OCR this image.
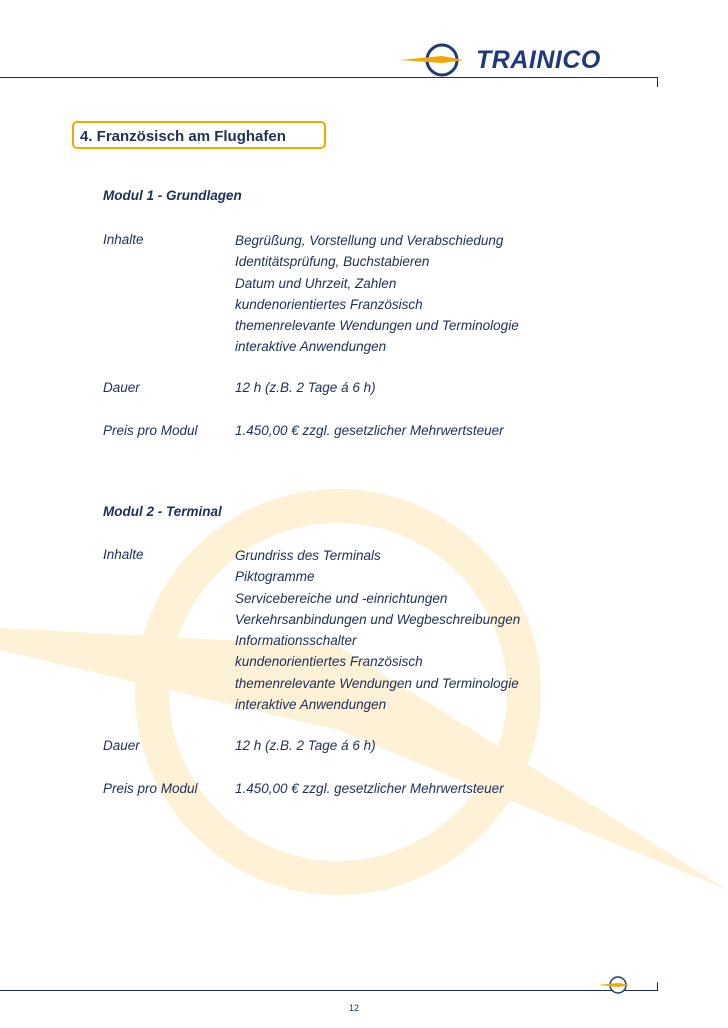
TRAINICO
4. Französisch am Flughafen
Modul 1 - Grundlagen
Inhalte	Begrüßung, Vorstellung und Verabschiedung
Identitätsprüfung, Buchstabieren
Datum und Uhrzeit, Zahlen
kundenorientiertes Französisch
themenrelevante Wendungen und Terminologie
interaktive Anwendungen
Dauer	12 h (z.B. 2 Tage á 6 h)
Preis pro Modul	1.450,00 € zzgl. gesetzlicher Mehrwertsteuer
Modul 2 - Terminal
Inhalte	Grundriss des Terminals
Piktogramme
Servicebereiche und -einrichtungen
Verkehrsanbindungen und Wegbeschreibungen
Informationsschalter
kundenorientiertes Französisch
themenrelevante Wendungen und Terminologie
interaktive Anwendungen
Dauer	12 h (z.B. 2 Tage á 6 h)
Preis pro Modul	1.450,00 € zzgl. gesetzlicher Mehrwertsteuer
12
